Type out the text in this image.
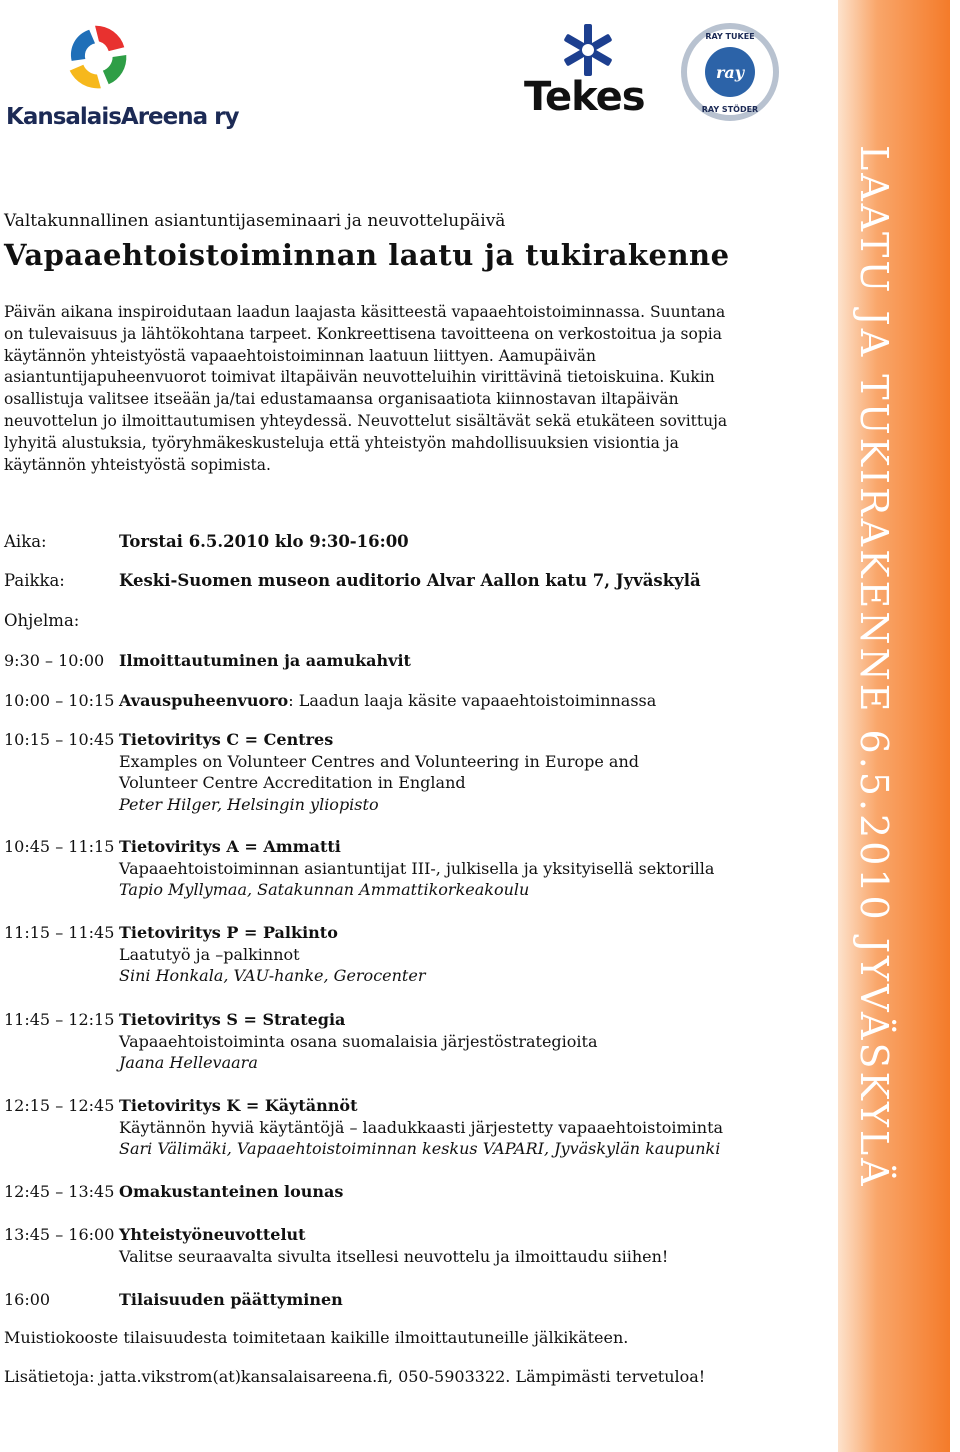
KansalaisAreena ry	Tekes
ray
RAY TUKEE
RAY STÖDER
LAATU JA TUKIRAKENNE 6.5.2010 JYVÄSKYLÄ
Valtakunnallinen asiantuntijaseminaari ja neuvottelupäivä
Vapaaehtoistoiminnan laatu ja tukirakenne
Päivän aikana inspiroidutaan laadun laajasta käsitteestä vapaaehtoistoiminnassa. Suuntana
on tulevaisuus ja lähtökohtana tarpeet. Konkreettisena tavoitteena on verkostoitua ja sopia
käytännön yhteistyöstä vapaaehtoistoiminnan laatuun liittyen. Aamupäivän
asiantuntijapuheenvuorot toimivat iltapäivän neuvotteluihin virittävinä tietoiskuina. Kukin
osallistuja valitsee itseään ja/tai edustamaansa organisaatiota kiinnostavan iltapäivän
neuvottelun jo ilmoittautumisen yhteydessä. Neuvottelut sisältävät sekä etukäteen sovittuja
lyhyitä alustuksia, työryhmäkeskusteluja että yhteistyön mahdollisuuksien visiontia ja
käytännön yhteistyöstä sopimista.
Aika:	Torstai 6.5.2010 klo 9:30-16:00
Paikka:	Keski-Suomen museon auditorio Alvar Aallon katu 7, Jyväskylä
Ohjelma:
9:30 – 10:00 Ilmoittautuminen ja aamukahvit
10:00 – 10:15 Avauspuheenvuoro: Laadun laaja käsite vapaaehtoistoiminnassa
10:15 – 10:45 Tietoviritys C = Centres
Examples on Volunteer Centres and Volunteering in Europe and
Volunteer Centre Accreditation in England
Peter Hilger, Helsingin yliopisto
10:45 – 11:15 Tietoviritys A = Ammatti
Vapaaehtoistoiminnan asiantuntijat III-, julkisella ja yksityisellä sektorilla
Tapio Myllymaa, Satakunnan Ammattikorkeakoulu
11:15 – 11:45 Tietoviritys P = Palkinto
Laatutyö ja –palkinnot
Sini Honkala, VAU-hanke, Gerocenter
11:45 – 12:15 Tietoviritys S = Strategia
Vapaaehtoistoiminta osana suomalaisia järjestöstrategioita
Jaana Hellevaara
12:15 – 12:45 Tietoviritys K = Käytännöt
Käytännön hyviä käytäntöjä – laadukkaasti järjestetty vapaaehtoistoiminta
Sari Välimäki, Vapaaehtoistoiminnan keskus VAPARI, Jyväskylän kaupunki
12:45 – 13:45 Omakustanteinen lounas
13:45 – 16:00 Yhteistyöneuvottelut
Valitse seuraavalta sivulta itsellesi neuvottelu ja ilmoittaudu siihen!
16:00	Tilaisuuden päättyminen
Muistiokooste tilaisuudesta toimitetaan kaikille ilmoittautuneille jälkikäteen.
Lisätietoja: jatta.vikstrom(at)kansalaisareena.fi, 050-5903322. Lämpimästi tervetuloa!
